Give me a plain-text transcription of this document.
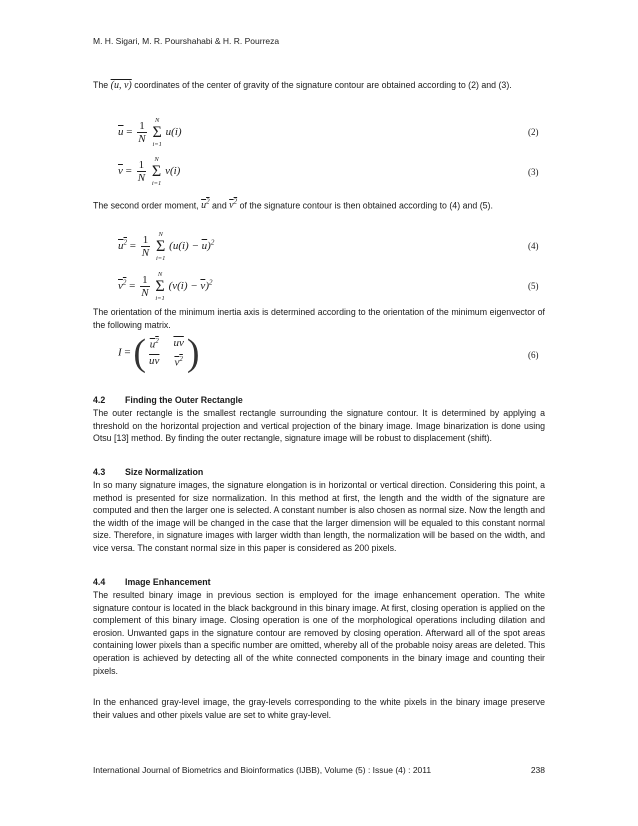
M. H. Sigari, M. R. Pourshahabi & H. R. Pourreza
The (u, v) coordinates of the center of gravity of the signature contour are obtained according to (2) and (3).
$\overline{u} = \frac{1}{N}$
	N
Σ
i=1
u(i)	(2)
$\overline{v} = \frac{1}{N}$
	N
Σ
i=1
v(i)	(3)
The second order moment, $u^2$ and $v^2$ of the signature contour is then obtained according to (4) and (5).
$u^2 = \frac{1}{N}$
	N
Σ
i=1
$(u(i) - \overline{u})^2$	(4)
$v^2 = \frac{1}{N}$
	N
Σ
i=1
$(v(i) - \overline{v})^2$	(5)
The orientation of the minimum inertia axis is determined according to the orientation of the minimum eigenvector of the following matrix.
I = ( $u^2$ $\overline{uv}$
$\overline{uv}$ $v^2$ )	(6)
4.2 Finding the Outer Rectangle
The outer rectangle is the smallest rectangle surrounding the signature contour. It is determined by applying a threshold on the horizontal projection and vertical projection of the binary image. Image binarization is done using Otsu [13] method. By finding the outer rectangle, signature image will be robust to displacement (shift).
4.3 Size Normalization
In so many signature images, the signature elongation is in horizontal or vertical direction. Considering this point, a method is presented for size normalization. In this method at first, the length and the width of the signature are computed and then the larger one is selected. A constant number is also chosen as normal size. Now the length and the width of the image will be changed in the case that the larger dimension will be equaled to this constant normal size. Therefore, in signature images with larger width than length, the normalization will be based on the width, and vice versa. The constant normal size in this paper is considered as 200 pixels.
4.4 Image Enhancement
The resulted binary image in previous section is employed for the image enhancement operation. The white signature contour is located in the black background in this binary image. At first, closing operation is applied on the complement of this binary image. Closing operation is one of the morphological operations including dilation and erosion. Unwanted gaps in the signature contour are removed by closing operation. Afterward all of the spot areas containing lower pixels than a specific number are omitted, whereby all of the probable noisy areas are deleted. This operation is achieved by detecting all of the white connected components in the binary image and counting their pixels.
In the enhanced gray-level image, the gray-levels corresponding to the white pixels in the binary image preserve their values and other pixels value are set to white gray-level.
International Journal of Biometrics and Bioinformatics (IJBB), Volume (5) : Issue (4) : 2011	238
